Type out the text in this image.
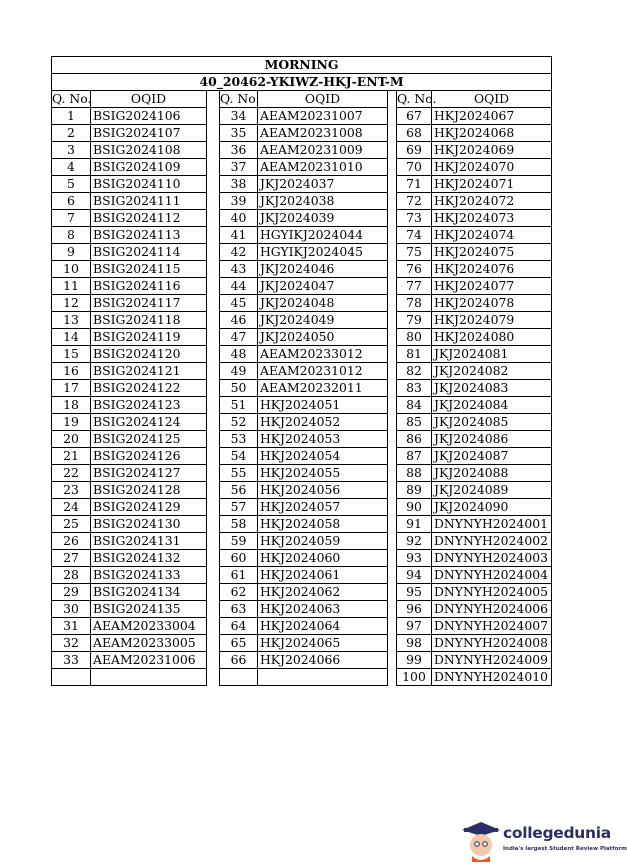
MORNING							
40_20462-YKIWZ-HKJ-ENT-M							
Q. No.	OQID		Q. No.	OQID		Q. No.	OQID
1	BSIG2024106		34	AEAM20231007		67	HKJ2024067
2	BSIG2024107		35	AEAM20231008		68	HKJ2024068
3	BSIG2024108		36	AEAM20231009		69	HKJ2024069
4	BSIG2024109		37	AEAM20231010		70	HKJ2024070
5	BSIG2024110		38	JKJ2024037		71	HKJ2024071
6	BSIG2024111		39	JKJ2024038		72	HKJ2024072
7	BSIG2024112		40	JKJ2024039		73	HKJ2024073
8	BSIG2024113		41	HGYIKJ2024044		74	HKJ2024074
9	BSIG2024114		42	HGYIKJ2024045		75	HKJ2024075
10	BSIG2024115		43	JKJ2024046		76	HKJ2024076
11	BSIG2024116		44	JKJ2024047		77	HKJ2024077
12	BSIG2024117		45	JKJ2024048		78	HKJ2024078
13	BSIG2024118		46	JKJ2024049		79	HKJ2024079
14	BSIG2024119		47	JKJ2024050		80	HKJ2024080
15	BSIG2024120		48	AEAM20233012		81	JKJ2024081
16	BSIG2024121		49	AEAM20231012		82	JKJ2024082
17	BSIG2024122		50	AEAM20232011		83	JKJ2024083
18	BSIG2024123		51	HKJ2024051		84	JKJ2024084
19	BSIG2024124		52	HKJ2024052		85	JKJ2024085
20	BSIG2024125		53	HKJ2024053		86	JKJ2024086
21	BSIG2024126		54	HKJ2024054		87	JKJ2024087
22	BSIG2024127		55	HKJ2024055		88	JKJ2024088
23	BSIG2024128		56	HKJ2024056		89	JKJ2024089
24	BSIG2024129		57	HKJ2024057		90	JKJ2024090
25	BSIG2024130		58	HKJ2024058		91	DNYNYH2024001
26	BSIG2024131		59	HKJ2024059		92	DNYNYH2024002
27	BSIG2024132		60	HKJ2024060		93	DNYNYH2024003
28	BSIG2024133		61	HKJ2024061		94	DNYNYH2024004
29	BSIG2024134		62	HKJ2024062		95	DNYNYH2024005
30	BSIG2024135		63	HKJ2024063		96	DNYNYH2024006
31	AEAM20233004		64	HKJ2024064		97	DNYNYH2024007
32	AEAM20233005		65	HKJ2024065		98	DNYNYH2024008
33	AEAM20231006		66	HKJ2024066		99	DNYNYH2024009
						100	DNYNYH2024010
collegedunia
India's largest Student Review Platform
